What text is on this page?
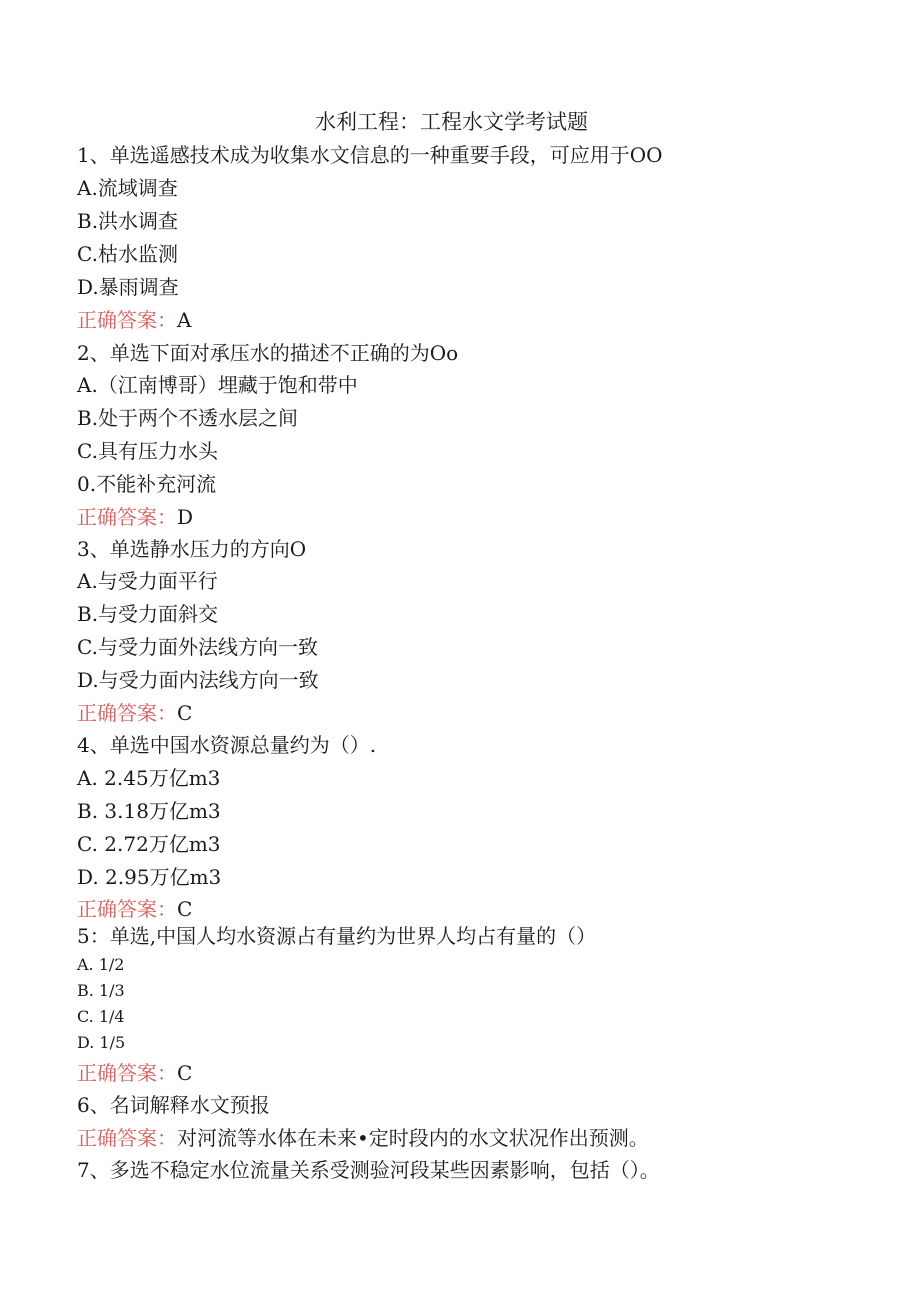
水利工程：工程水文学考试题
1、单选遥感技术成为收集水文信息的一种重要手段，可应用于OO
A.流域调查
B.洪水调查
C.枯水监测
D.暴雨调查
正确答案：A
2、单选下面对承压水的描述不正确的为Oo
A.（江南博哥）埋藏于饱和带中
B.处于两个不透水层之间
C.具有压力水头
0.不能补充河流
正确答案：D
3、单选静水压力的方向O
A.与受力面平行
B.与受力面斜交
C.与受力面外法线方向一致
D.与受力面内法线方向一致
正确答案：C
4、单选中国水资源总量约为（）.
A. 2.45万亿m3
B. 3.18万亿m3
C. 2.72万亿m3
D. 2.95万亿m3
正确答案：C
5：单选,中国人均水资源占有量约为世界人均占有量的（）
A. 1/2
B. 1/3
C. 1/4
D. 1/5
正确答案：C
6、名词解释水文预报
正确答案：对河流等水体在未来•定时段内的水文状况作出预测。
7、多选不稳定水位流量关系受测验河段某些因素影响，包括（）。
